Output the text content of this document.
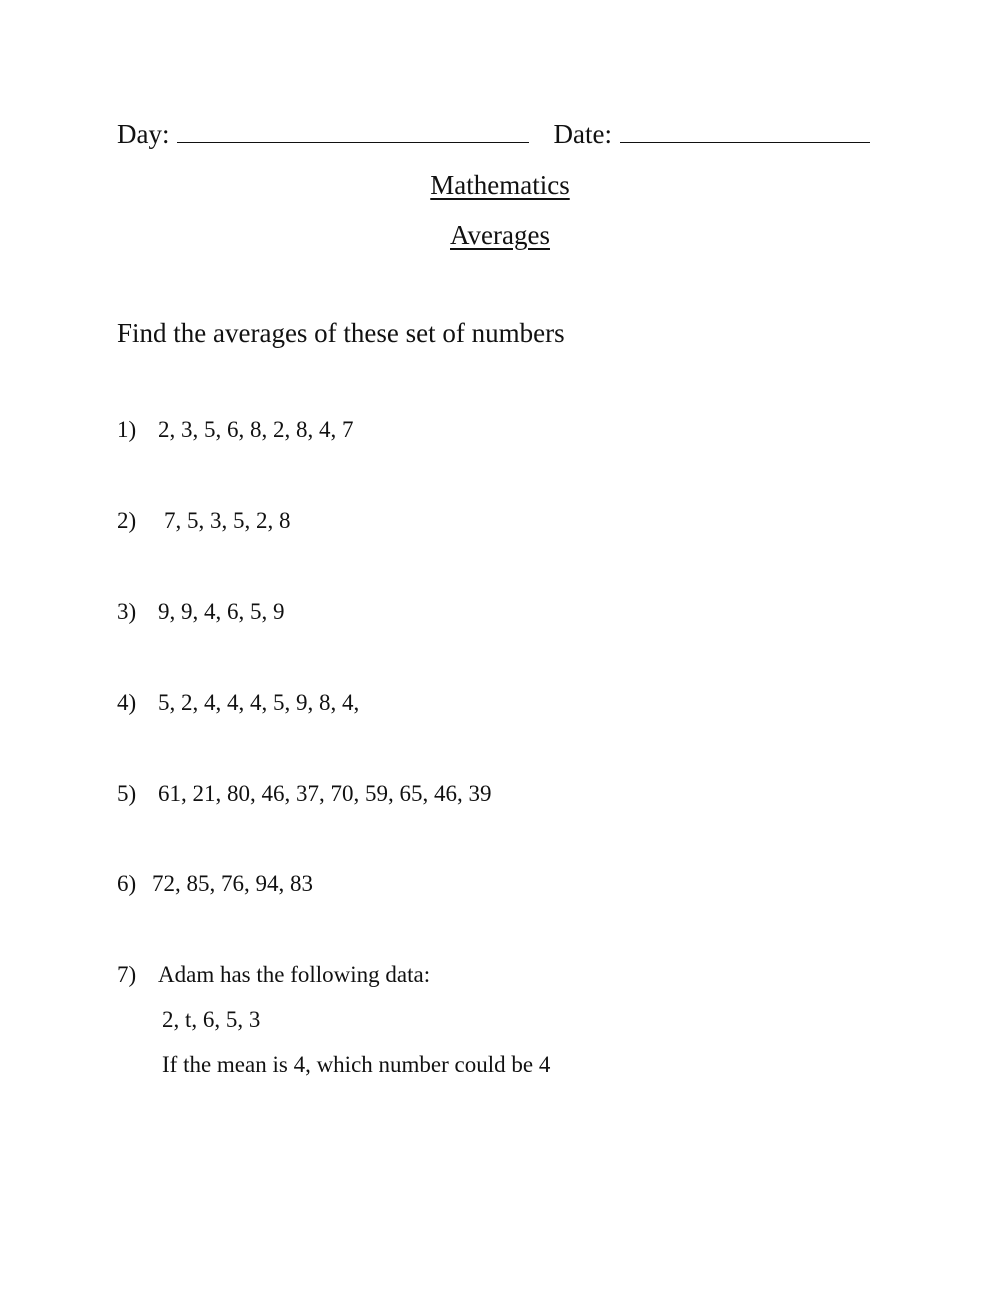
Day:	Date:
Mathematics
Averages
Find the averages of these set of numbers
1) 2, 3, 5, 6, 8, 2, 8, 4, 7
2) 7, 5, 3, 5, 2, 8
3) 9, 9, 4, 6, 5, 9
4) 5, 2, 4, 4, 4, 5, 9, 8, 4,
5) 61, 21, 80, 46, 37, 70, 59, 65, 46, 39
6) 72, 85, 76, 94, 83
7) Adam has the following data:
2, t, 6, 5, 3
If the mean is 4, which number could be 4
